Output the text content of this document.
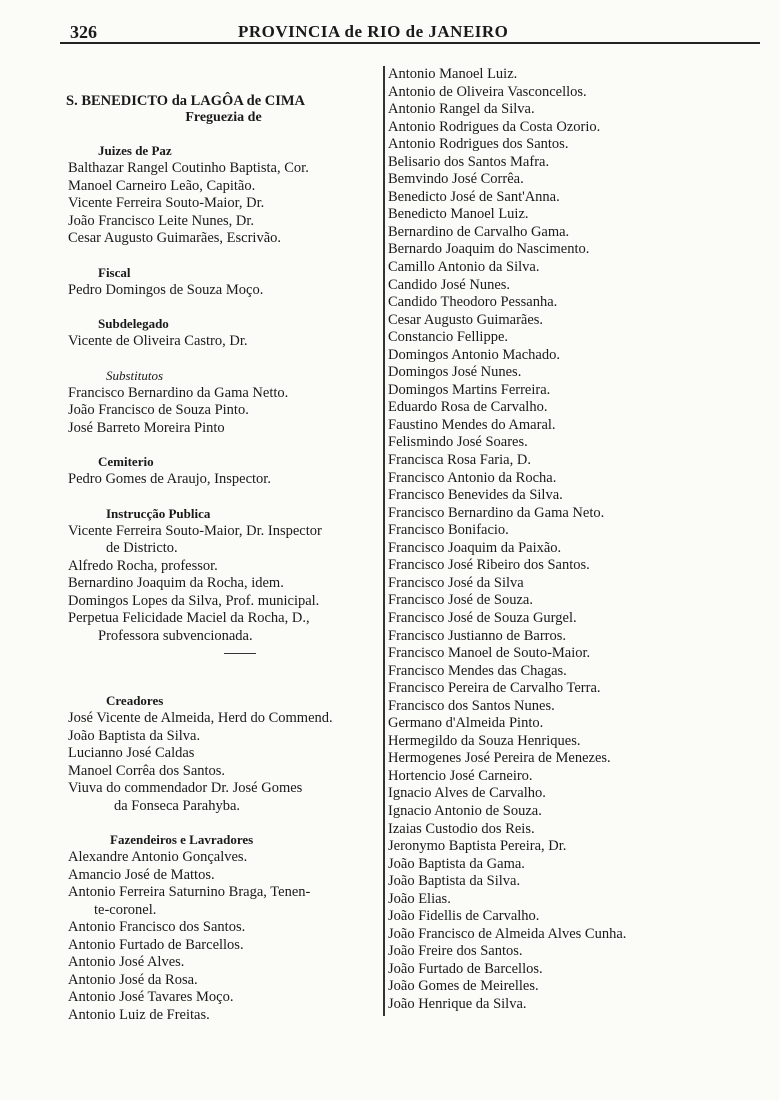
326	PROVINCIA de RIO de JANEIRO
S. BENEDICTO da LAGÔA de CIMA
Freguezia de
Juizes de Paz
Balthazar Rangel Coutinho Baptista, Cor.
Manoel Carneiro Leão, Capitão.
Vicente Ferreira Souto-Maior, Dr.
João Francisco Leite Nunes, Dr.
Cesar Augusto Guimarães, Escrivão.
Fiscal
Pedro Domingos de Souza Moço.
Subdelegado
Vicente de Oliveira Castro, Dr.
Substitutos
Francisco Bernardino da Gama Netto.
João Francisco de Souza Pinto.
José Barreto Moreira Pinto
Cemiterio
Pedro Gomes de Araujo, Inspector.
Instrucção Publica
Vicente Ferreira Souto-Maior, Dr. Inspector
de Districto.
Alfredo Rocha, professor.
Bernardino Joaquim da Rocha, idem.
Domingos Lopes da Silva, Prof. municipal.
Perpetua Felicidade Maciel da Rocha, D.,
Professora subvencionada.
Creadores
José Vicente de Almeida, Herd do Commend.
João Baptista da Silva.
Lucianno José Caldas
Manoel Corrêa dos Santos.
Viuva do commendador Dr. José Gomes
da Fonseca Parahyba.
Fazendeiros e Lavradores
Alexandre Antonio Gonçalves.
Amancio José de Mattos.
Antonio Ferreira Saturnino Braga, Tenen-
te-coronel.
Antonio Francisco dos Santos.
Antonio Furtado de Barcellos.
Antonio José Alves.
Antonio José da Rosa.
Antonio José Tavares Moço.
Antonio Luiz de Freitas.
Antonio Manoel Luiz.
Antonio de Oliveira Vasconcellos.
Antonio Rangel da Silva.
Antonio Rodrigues da Costa Ozorio.
Antonio Rodrigues dos Santos.
Belisario dos Santos Mafra.
Bemvindo José Corrêa.
Benedicto José de Sant'Anna.
Benedicto Manoel Luiz.
Bernardino de Carvalho Gama.
Bernardo Joaquim do Nascimento.
Camillo Antonio da Silva.
Candido José Nunes.
Candido Theodoro Pessanha.
Cesar Augusto Guimarães.
Constancio Fellippe.
Domingos Antonio Machado.
Domingos José Nunes.
Domingos Martins Ferreira.
Eduardo Rosa de Carvalho.
Faustino Mendes do Amaral.
Felismindo José Soares.
Francisca Rosa Faria, D.
Francisco Antonio da Rocha.
Francisco Benevides da Silva.
Francisco Bernardino da Gama Neto.
Francisco Bonifacio.
Francisco Joaquim da Paixão.
Francisco José Ribeiro dos Santos.
Francisco José da Silva
Francisco José de Souza.
Francisco José de Souza Gurgel.
Francisco Justianno de Barros.
Francisco Manoel de Souto-Maior.
Francisco Mendes das Chagas.
Francisco Pereira de Carvalho Terra.
Francisco dos Santos Nunes.
Germano d'Almeida Pinto.
Hermegildo da Souza Henriques.
Hermogenes José Pereira de Menezes.
Hortencio José Carneiro.
Ignacio Alves de Carvalho.
Ignacio Antonio de Souza.
Izaias Custodio dos Reis.
Jeronymo Baptista Pereira, Dr.
João Baptista da Gama.
João Baptista da Silva.
João Elias.
João Fidellis de Carvalho.
João Francisco de Almeida Alves Cunha.
João Freire dos Santos.
João Furtado de Barcellos.
João Gomes de Meirelles.
João Henrique da Silva.
